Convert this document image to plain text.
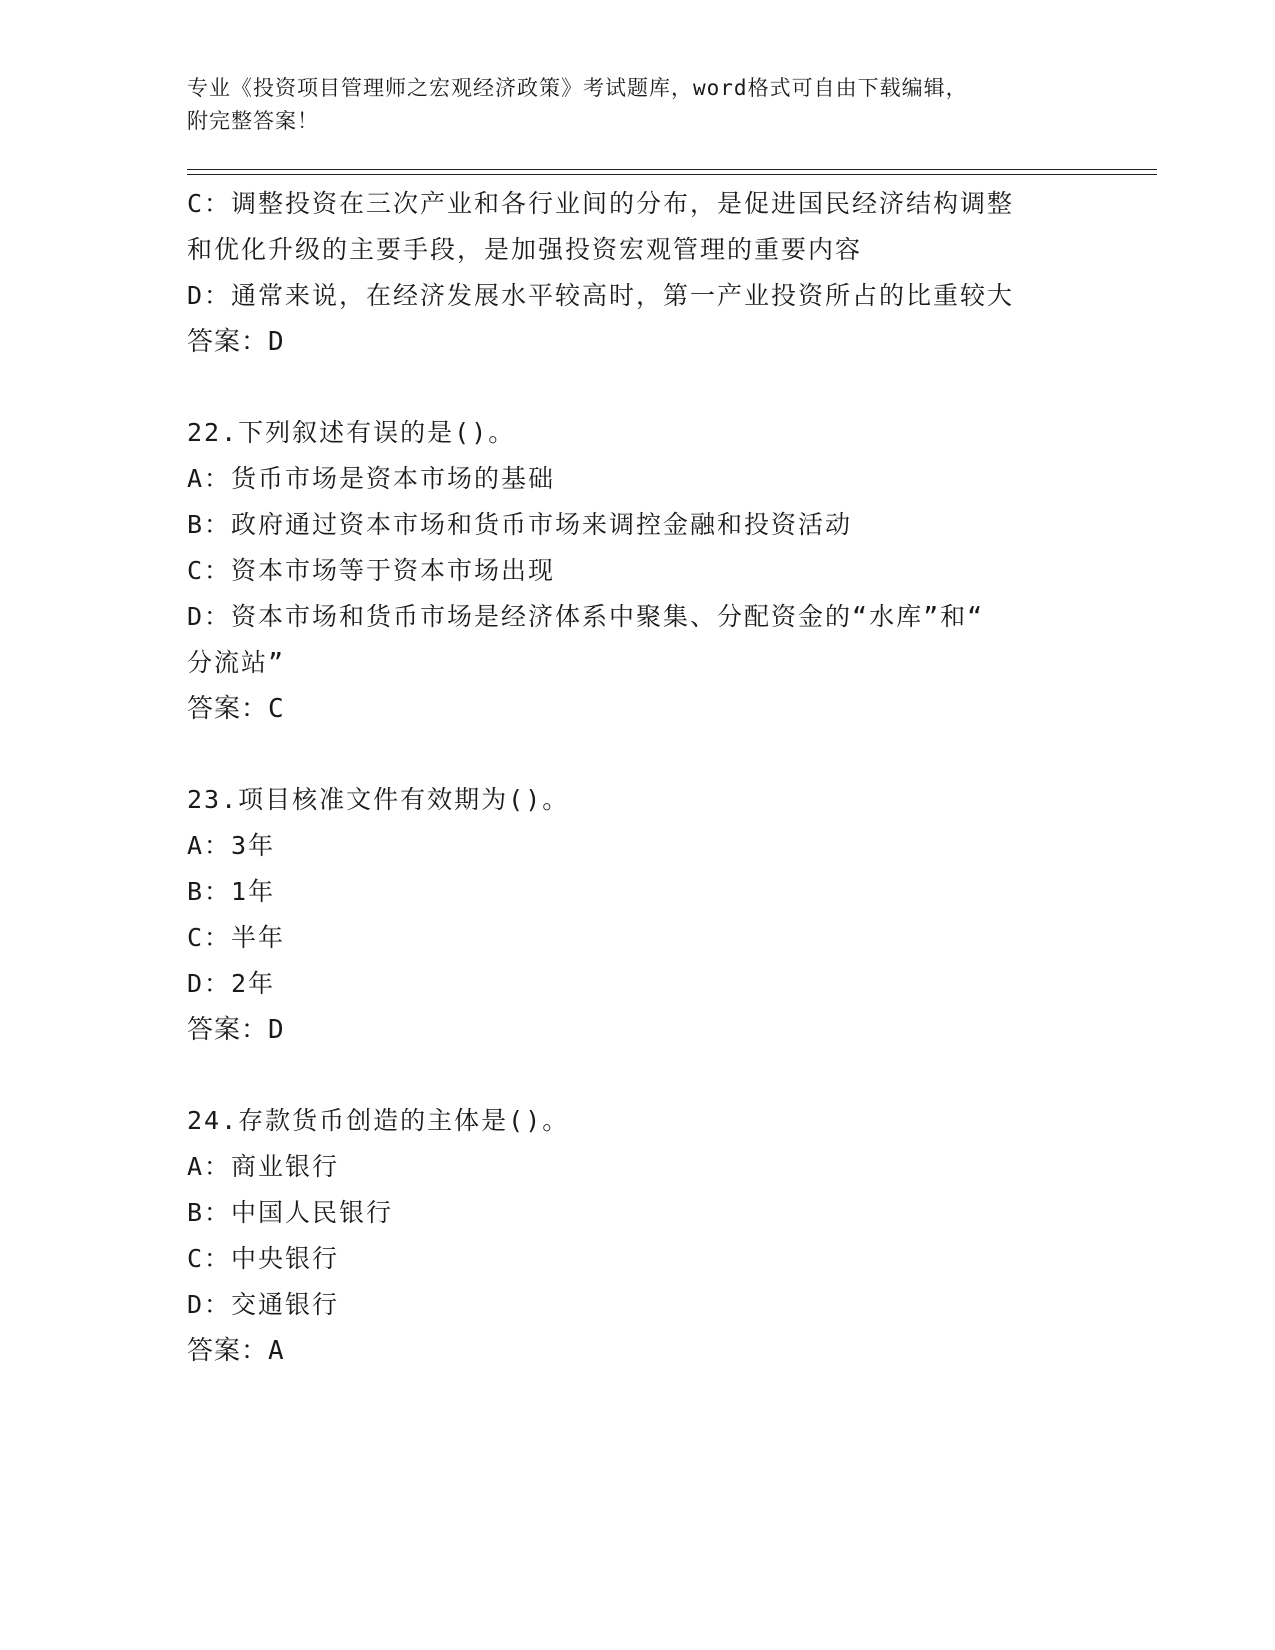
专业《投资项目管理师之宏观经济政策》考试题库，word格式可自由下载编辑，
附完整答案！

C：调整投资在三次产业和各行业间的分布，是促进国民经济结构调整

和优化升级的主要手段，是加强投资宏观管理的重要内容

D：通常来说，在经济发展水平较高时，第一产业投资所占的比重较大

答案：D

22.下列叙述有误的是()。

A：货币市场是资本市场的基础

B：政府通过资本市场和货币市场来调控金融和投资活动

C：资本市场等于资本市场出现

D：资本市场和货币市场是经济体系中聚集、分配资金的“水库”和“

分流站”

答案：C

23.项目核准文件有效期为()。

A：3年

B：1年

C：半年

D：2年

答案：D

24.存款货币创造的主体是()。

A：商业银行

B：中国人民银行

C：中央银行

D：交通银行

答案：A
